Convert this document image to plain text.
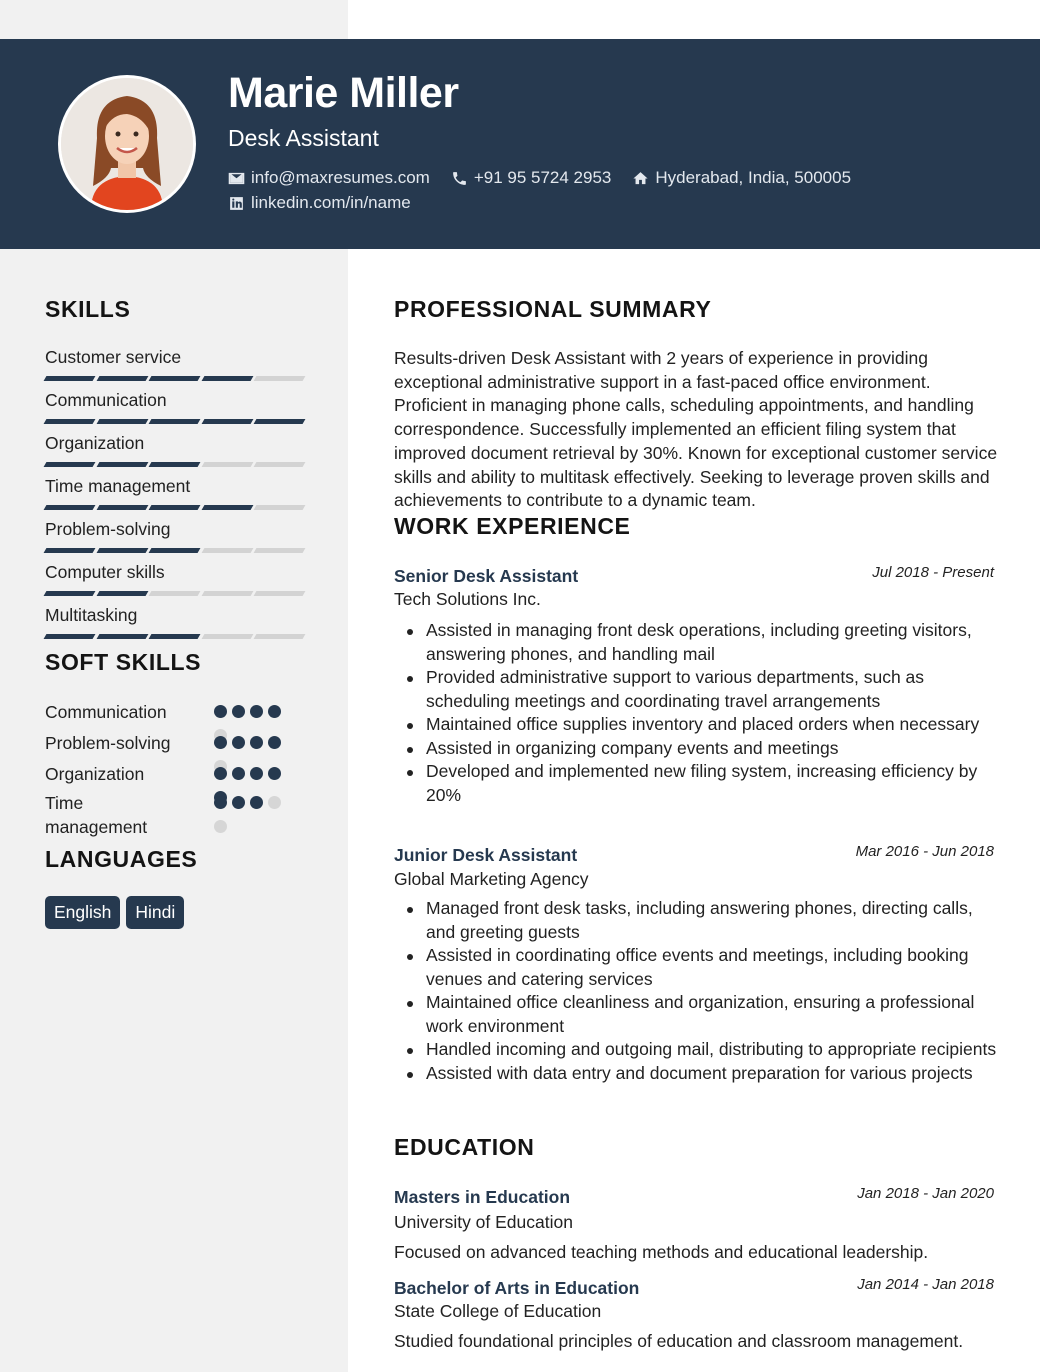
Marie Miller
Desk Assistant
info@maxresumes.com	+91 95 5724 2953	Hyderabad, India, 500005
linkedin.com/in/name
SKILLS
Customer service
Communication
Organization
Time management
Problem-solving
Computer skills
Multitasking
SOFT SKILLS
Communication
Problem-solving
Organization
Time management
LANGUAGES
English	Hindi
PROFESSIONAL SUMMARY
Results-driven Desk Assistant with 2 years of experience in providing exceptional administrative support in a fast-paced office environment. Proficient in managing phone calls, scheduling appointments, and handling correspondence. Successfully implemented an efficient filing system that improved document retrieval by 30%. Known for exceptional customer service skills and ability to multitask effectively. Seeking to leverage proven skills and achievements to contribute to a dynamic team.
WORK EXPERIENCE
Senior Desk Assistant	Jul 2018 - Present
Tech Solutions Inc.
Assisted in managing front desk operations, including greeting visitors, answering phones, and handling mail
Provided administrative support to various departments, such as scheduling meetings and coordinating travel arrangements
Maintained office supplies inventory and placed orders when necessary
Assisted in organizing company events and meetings
Developed and implemented new filing system, increasing efficiency by 20%
Junior Desk Assistant	Mar 2016 - Jun 2018
Global Marketing Agency
Managed front desk tasks, including answering phones, directing calls, and greeting guests
Assisted in coordinating office events and meetings, including booking venues and catering services
Maintained office cleanliness and organization, ensuring a professional work environment
Handled incoming and outgoing mail, distributing to appropriate recipients
Assisted with data entry and document preparation for various projects
EDUCATION
Masters in Education	Jan 2018 - Jan 2020
University of Education
Focused on advanced teaching methods and educational leadership.
Bachelor of Arts in Education	Jan 2014 - Jan 2018
State College of Education
Studied foundational principles of education and classroom management.
